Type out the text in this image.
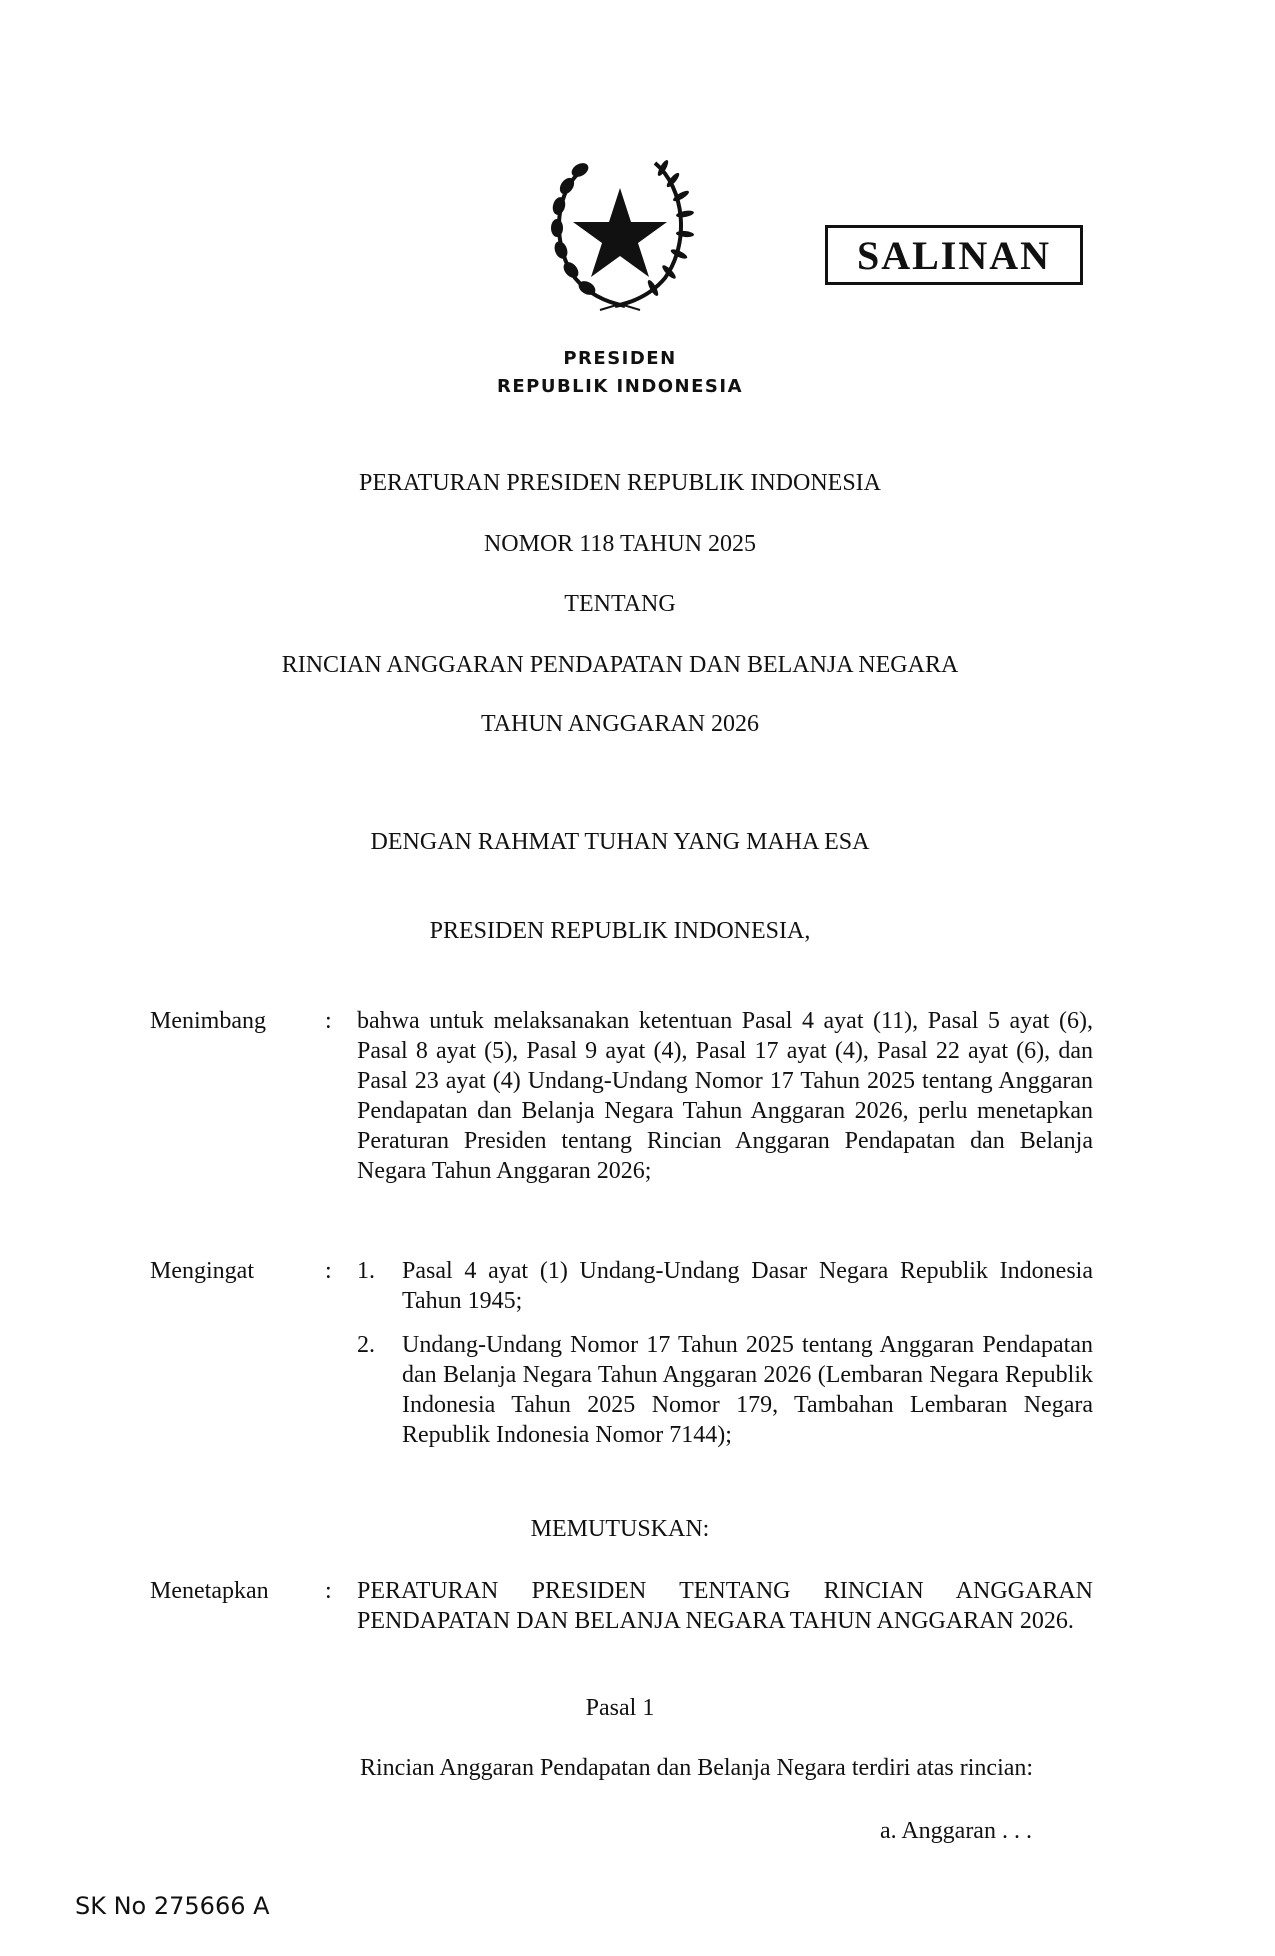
SALINAN
PRESIDEN
REPUBLIK INDONESIA
PERATURAN PRESIDEN REPUBLIK INDONESIA
NOMOR 118 TAHUN 2025
TENTANG
RINCIAN ANGGARAN PENDAPATAN DAN BELANJA NEGARA
TAHUN ANGGARAN 2026
DENGAN RAHMAT TUHAN YANG MAHA ESA
PRESIDEN REPUBLIK INDONESIA,
Menimbang : bahwa untuk melaksanakan ketentuan Pasal 4 ayat (11), Pasal 5 ayat (6), Pasal 8 ayat (5), Pasal 9 ayat (4), Pasal 17 ayat (4), Pasal 22 ayat (6), dan Pasal 23 ayat (4) Undang-Undang Nomor 17 Tahun 2025 tentang Anggaran Pendapatan dan Belanja Negara Tahun Anggaran 2026, perlu menetapkan Peraturan Presiden tentang Rincian Anggaran Pendapatan dan Belanja Negara Tahun Anggaran 2026;
Mengingat	: 1. Pasal 4 ayat (1) Undang-Undang Dasar Negara Republik Indonesia Tahun 1945;
2. Undang-Undang Nomor 17 Tahun 2025 tentang Anggaran Pendapatan dan Belanja Negara Tahun Anggaran 2026 (Lembaran Negara Republik Indonesia Tahun 2025 Nomor 179, Tambahan Lembaran Negara Republik Indonesia Nomor 7144);
MEMUTUSKAN:
Menetapkan : PERATURAN PRESIDEN TENTANG RINCIAN ANGGARAN PENDAPATAN DAN BELANJA NEGARA TAHUN ANGGARAN 2026.
Pasal 1
Rincian Anggaran Pendapatan dan Belanja Negara terdiri atas rincian:
a. Anggaran . . .
SK No 275666 A
